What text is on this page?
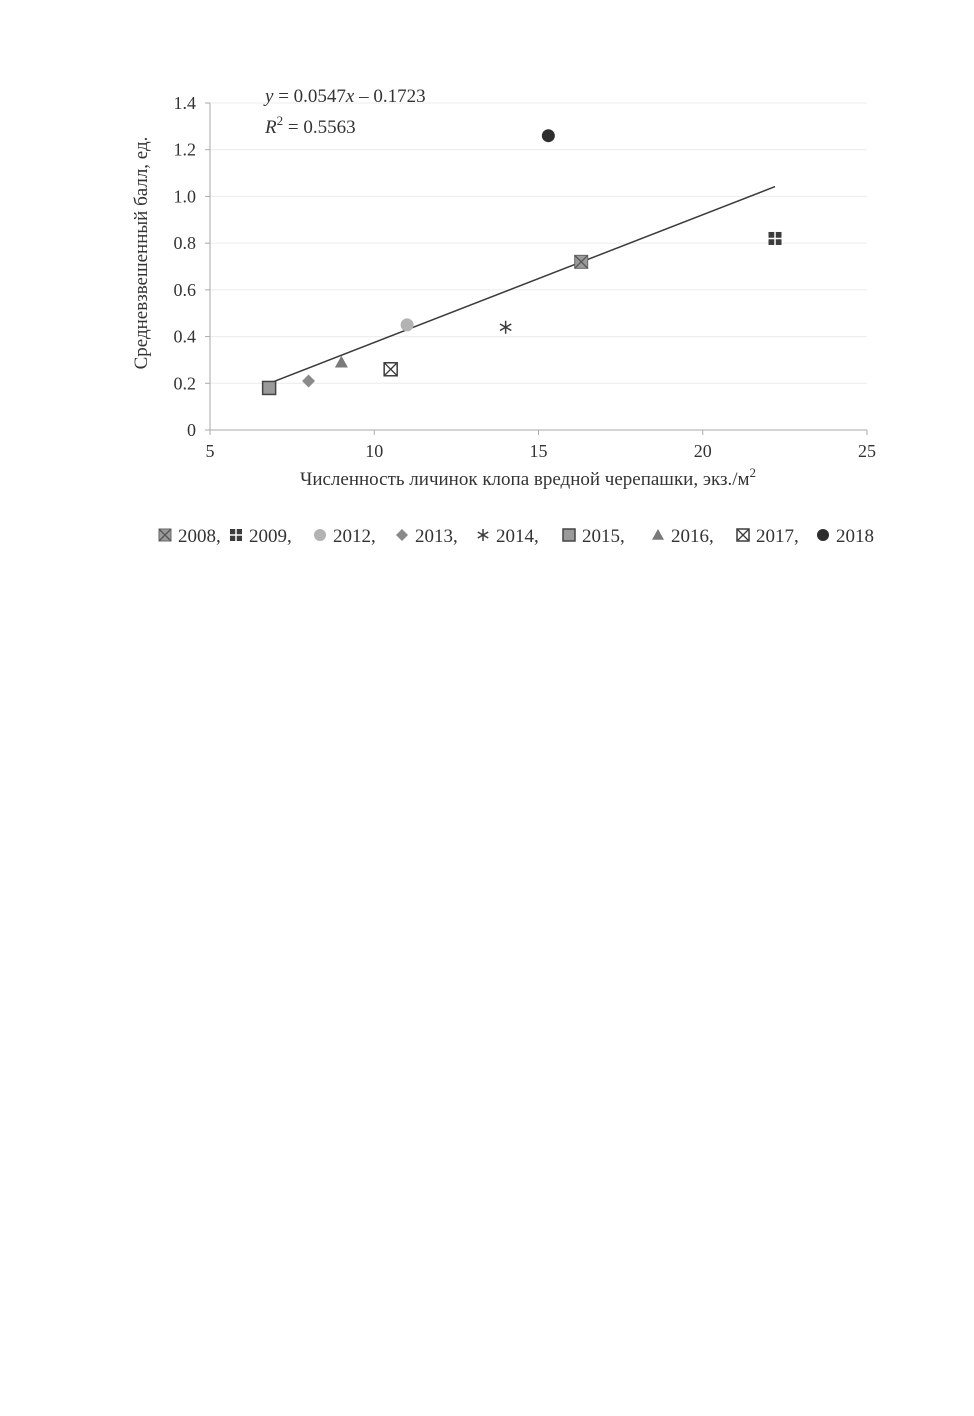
0
0.2
0.4
0.6
0.8
1.0
1.2
1.4
5	10	15	20	25
y = 0.0547x – 0.1723
$R^2 = 0.5563$
Численность личинок клопа вредной черепашки, $экз./м^2$
Средневзвешенный балл, ед.
2008, 2009, 2012, 2013, 2014, 2015, 2016, 2017, 2018
